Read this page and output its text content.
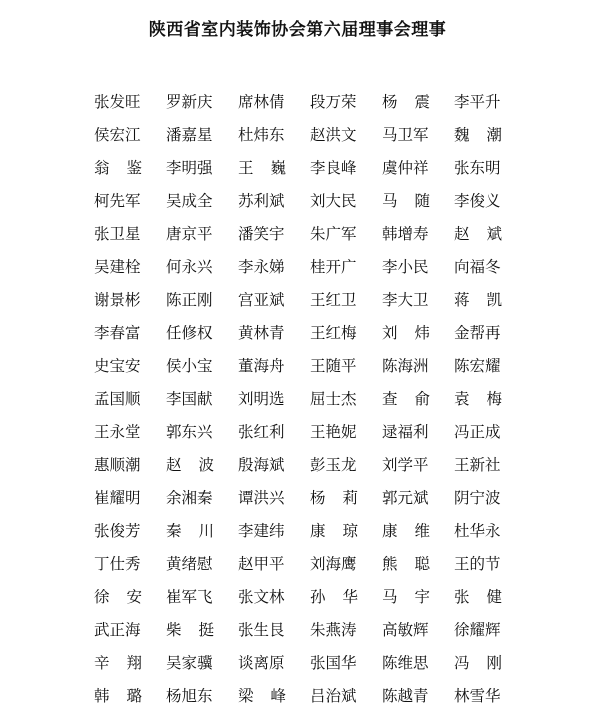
陕西省室内装饰协会第六届理事会理事
张发旺 罗新庆 席林倩 段万荣 杨震 李平升
侯宏江 潘嘉星 杜炜东 赵洪文 马卫军 魏潮
翁鉴 李明强 王巍 李良峰 虞仲祥 张东明
柯先军 吴成全 苏利斌 刘大民 马随 李俊义
张卫星 唐京平 潘笑宇 朱广军 韩增寿 赵斌
吴建栓 何永兴 李永娣 桂开广 李小民 向福冬
谢景彬 陈正刚 宫亚斌 王红卫 李大卫 蒋凯
李春富 任修权 黄林青 王红梅 刘炜 金帮再
史宝安 侯小宝 董海舟 王随平 陈海洲 陈宏耀
孟国顺 李国献 刘明选 屈士杰 查俞 袁梅
王永堂 郭东兴 张红利 王艳妮 逯福利 冯正成
惠顺潮 赵波 殷海斌 彭玉龙 刘学平 王新社
崔耀明 余湘秦 谭洪兴 杨莉 郭元斌 阴宁波
张俊芳 秦川 李建纬 康琼 康维 杜华永
丁仕秀 黄绪慰 赵甲平 刘海鹰 熊聪 王的节
徐安 崔军飞 张文林 孙华 马宇 张健
武正海 柴挺 张生艮 朱燕涛 高敏辉 徐耀辉
辛翔 吴家骥 谈离原 张国华 陈维思 冯刚
韩璐 杨旭东 梁峰 吕治斌 陈越青 林雪华
